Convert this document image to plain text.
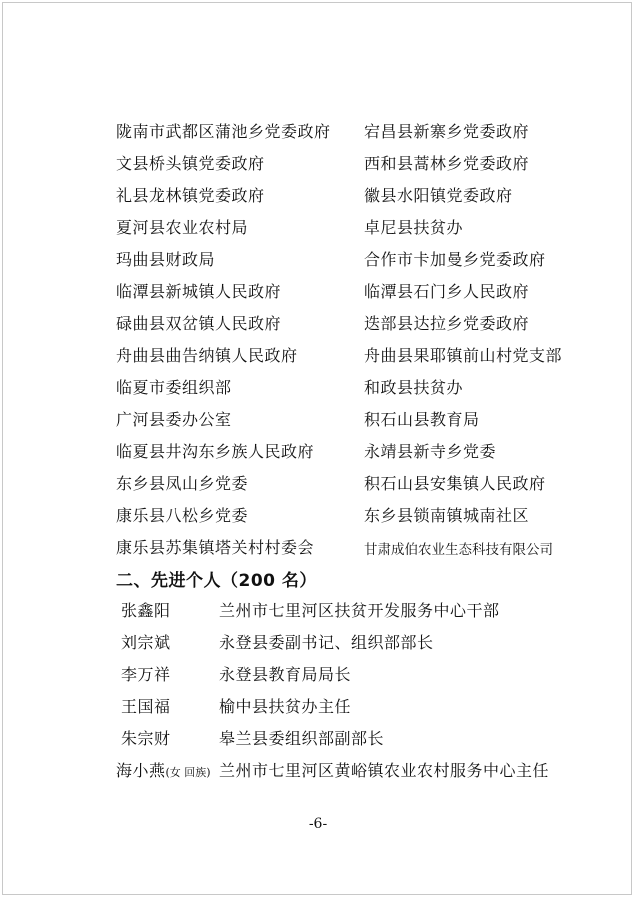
陇南市武都区蒲池乡党委政府 宕昌县新寨乡党委政府
文县桥头镇党委政府	西和县蒿林乡党委政府
礼县龙林镇党委政府	徽县水阳镇党委政府
夏河县农业农村局	卓尼县扶贫办
玛曲县财政局	合作市卡加曼乡党委政府
临潭县新城镇人民政府	临潭县石门乡人民政府
碌曲县双岔镇人民政府	迭部县达拉乡党委政府
舟曲县曲告纳镇人民政府	舟曲县果耶镇前山村党支部
临夏市委组织部	和政县扶贫办
广河县委办公室	积石山县教育局
临夏县井沟东乡族人民政府	永靖县新寺乡党委
东乡县凤山乡党委	积石山县安集镇人民政府
康乐县八松乡党委	东乡县锁南镇城南社区
康乐县苏集镇塔关村村委会	甘肃成伯农业生态科技有限公司
二、先进个人（200 名）
张鑫阳	兰州市七里河区扶贫开发服务中心干部
刘宗斌	永登县委副书记、组织部部长
李万祥	永登县教育局局长
王国福	榆中县扶贫办主任
朱宗财	皋兰县委组织部副部长
海小燕(女 回族) 兰州市七里河区黄峪镇农业农村服务中心主任
-6-
